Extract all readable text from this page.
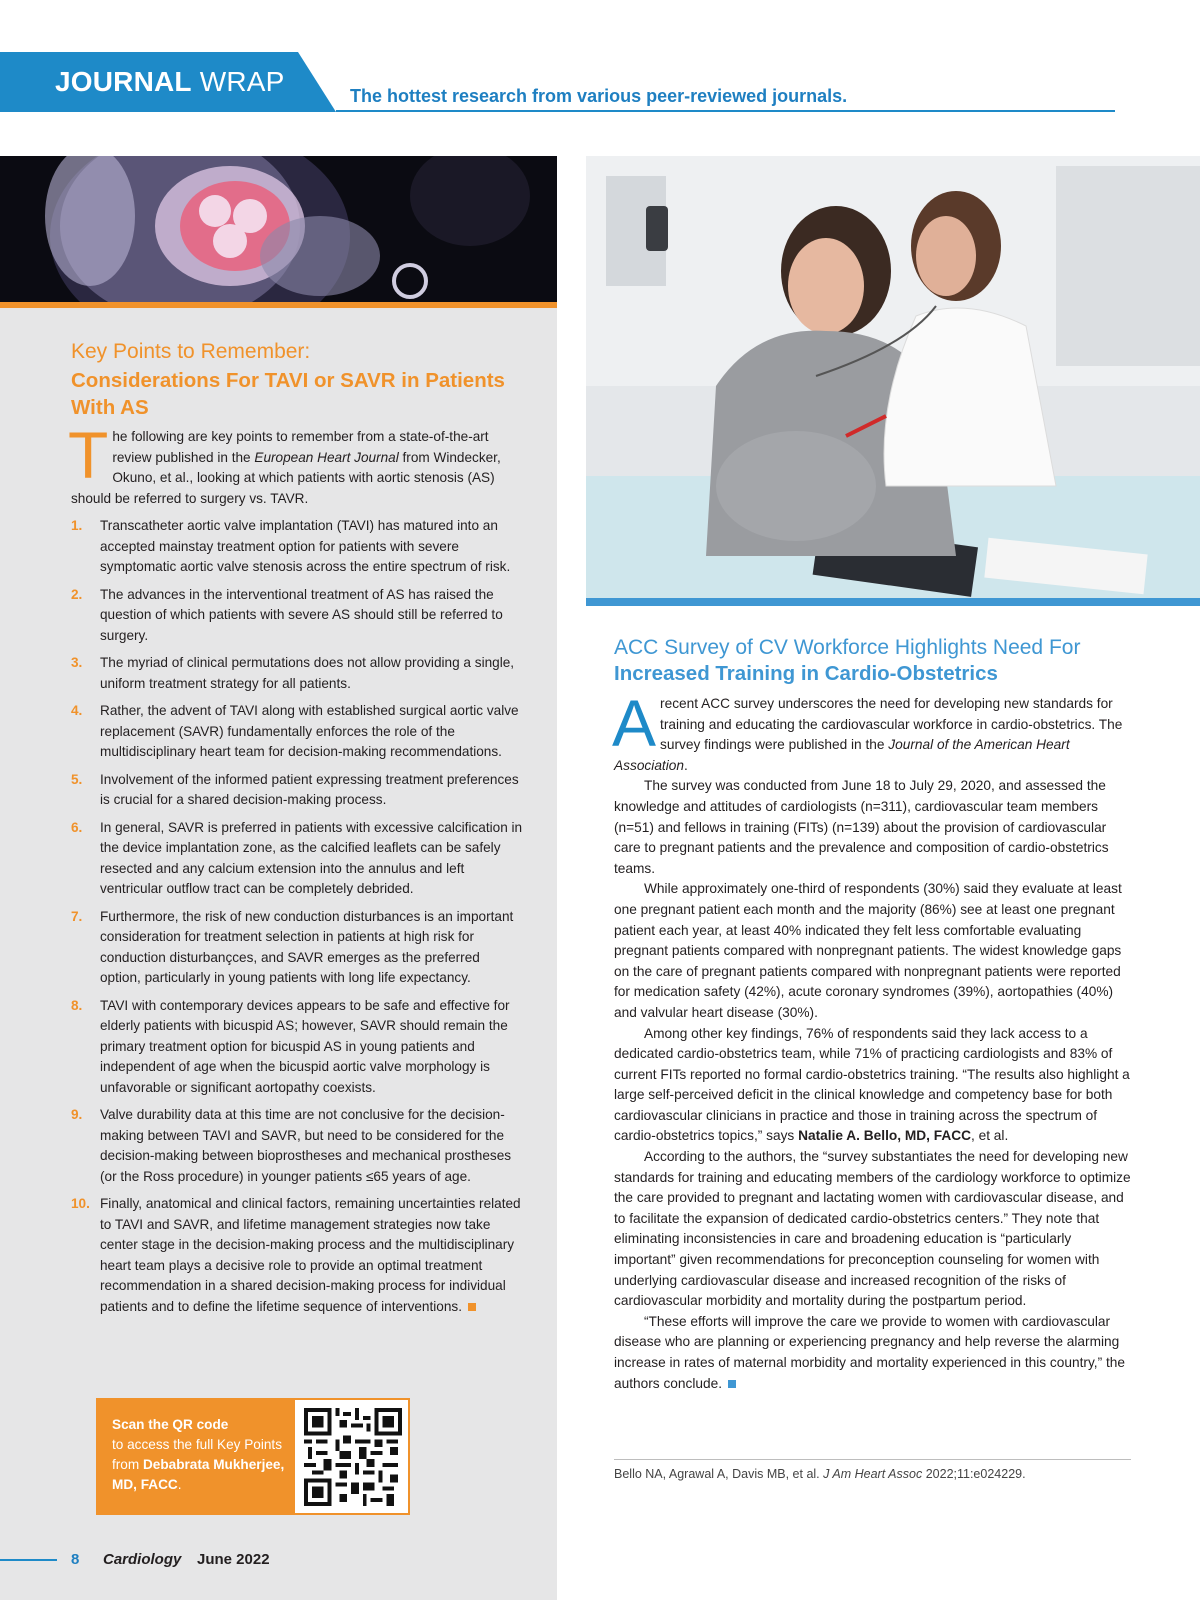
JOURNAL WRAP	The hottest research from various peer-reviewed journals.
Key Points to Remember:
Considerations For TAVI or SAVR in Patients With AS
The following are key points to remember from a state-of-the-art review published in the European Heart Journal from Windecker, Okuno, et al., looking at which patients with aortic stenosis (AS) should be referred to surgery vs. TAVR.
1. Transcatheter aortic valve implantation (TAVI) has matured into an accepted mainstay treatment option for patients with severe symptomatic aortic valve stenosis across the entire spectrum of risk.
2. The advances in the interventional treatment of AS has raised the question of which patients with severe AS should still be referred to surgery.
3. The myriad of clinical permutations does not allow providing a single, uniform treatment strategy for all patients.
4. Rather, the advent of TAVI along with established surgical aortic valve replacement (SAVR) fundamentally enforces the role of the multidisciplinary heart team for decision-making recommendations.
5. Involvement of the informed patient expressing treatment preferences is crucial for a shared decision-making process.
6. In general, SAVR is preferred in patients with excessive calcification in the device implantation zone, as the calcified leaflets can be safely resected and any calcium extension into the annulus and left ventricular outflow tract can be completely debrided.
7. Furthermore, the risk of new conduction disturbances is an important consideration for treatment selection in patients at high risk for conduction disturbançces, and SAVR emerges as the preferred option, particularly in young patients with long life expectancy.
8. TAVI with contemporary devices appears to be safe and effective for elderly patients with bicuspid AS; however, SAVR should remain the primary treatment option for bicuspid AS in young patients and independent of age when the bicuspid aortic valve morphology is unfavorable or significant aortopathy coexists.
9. Valve durability data at this time are not conclusive for the decision-making between TAVI and SAVR, but need to be considered for the decision-making between bioprostheses and mechanical prostheses (or the Ross procedure) in younger patients ≤65 years of age.
10. Finally, anatomical and clinical factors, remaining uncertainties related to TAVI and SAVR, and lifetime management strategies now take center stage in the decision-making process and the multidisciplinary heart team plays a decisive role to provide an optimal treatment recommendation in a shared decision-making process for individual patients and to define the lifetime sequence of interventions.
Scan the QR code
to access the full Key Points from Debabrata Mukherjee, MD, FACC.
8 Cardiology June 2022
ACC Survey of CV Workforce Highlights Need For
Increased Training in Cardio-Obstetrics

A recent ACC survey underscores the need for developing new standards for training and educating the cardiovascular workforce in cardio-obstetrics. The survey findings were published in the Journal of the American Heart Association.

The survey was conducted from June 18 to July 29, 2020, and assessed the knowledge and attitudes of cardiologists (n=311), cardiovascular team members (n=51) and fellows in training (FITs) (n=139) about the provision of cardiovascular care to pregnant patients and the prevalence and composition of cardio-obstetrics teams.

While approximately one-third of respondents (30%) said they evaluate at least one pregnant patient each month and the majority (86%) see at least one pregnant patient each year, at least 40% indicated they felt less comfortable evaluating pregnant patients compared with nonpregnant patients. The widest knowledge gaps on the care of pregnant patients compared with nonpregnant patients were reported for medication safety (42%), acute coronary syndromes (39%), aortopathies (40%) and valvular heart disease (30%).

Among other key findings, 76% of respondents said they lack access to a dedicated cardio-obstetrics team, while 71% of practicing cardiologists and 83% of current FITs reported no formal cardio-obstetrics training. “The results also highlight a large self-perceived deficit in the clinical knowledge and competency base for both cardiovascular clinicians in practice and those in training across the spectrum of cardio-obstetrics topics,” says Natalie A. Bello, MD, FACC, et al.

According to the authors, the “survey substantiates the need for developing new standards for training and educating members of the cardiology workforce to optimize the care provided to pregnant and lactating women with cardiovascular disease, and to facilitate the expansion of dedicated cardio-obstetrics centers.” They note that eliminating inconsistencies in care and broadening education is “particularly important” given recommendations for preconception counseling for women with underlying cardiovascular disease and increased recognition of the risks of cardiovascular morbidity and mortality during the postpartum period.

“These efforts will improve the care we provide to women with cardiovascular disease who are planning or experiencing pregnancy and help reverse the alarming increase in rates of maternal morbidity and mortality experienced in this country,” the authors conclude.

Bello NA, Agrawal A, Davis MB, et al. J Am Heart Assoc 2022;11:e024229.
